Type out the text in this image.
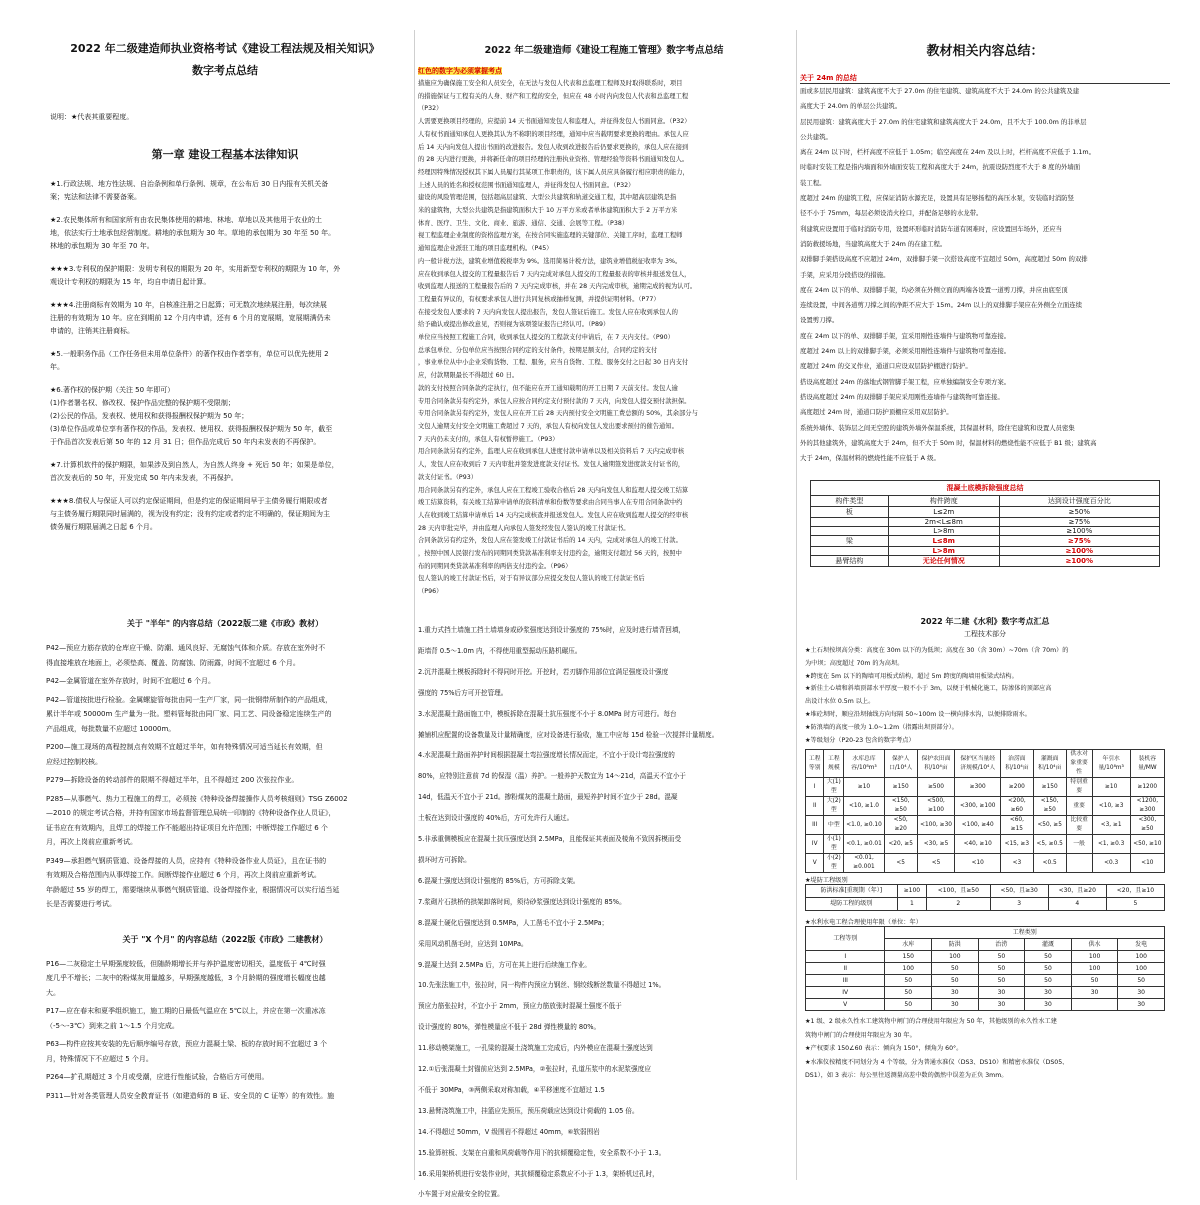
2022 年二级建造师执业资格考试《建设工程法规及相关知识》
数字考点总结
说明：★代表其重要程度。
第一章 建设工程基本法律知识
★1.行政法规、地方性法规、自治条例和单行条例、规章，在公布后 30 日内报有关机关备
案；宪法和法律不需要备案。
★2.农民集体所有和国家所有由农民集体使用的耕地、林地、草地以及其他用于农业的土
地，依法实行土地承包经营制度。耕地的承包期为 30 年。草地的承包期为 30 年至 50 年。
林地的承包期为 30 年至 70 年。
★★★3.专利权的保护期限：发明专利权的期限为 20 年，实用新型专利权的期限为 10 年，外
观设计专利权的期限为 15 年，均自申请日起计算。
★★★4.注册商标有效期为 10 年，自核准注册之日起算；可无数次地续展注册，每次续展
注册的有效期为 10 年。应在到期前 12 个月内申请，还有 6 个月的宽展期，宽展期满仍未
申请的，注销其注册商标。
★5.一般职务作品（工作任务但未用单位条件）的著作权由作者享有，单位可以优先使用 2
年。
★6.著作权的保护期（关注 50 年即可）
(1)作者署名权、修改权、保护作品完整的保护期不受限制；
(2)公民的作品，发表权、使用权和获得报酬权保护期为 50 年；
(3)单位作品或单位享有著作权的作品，发表权、使用权、获得报酬权保护期为 50 年，截至
于作品首次发表后第 50 年的 12 月 31 日；但作品完成后 50 年内未发表的不再保护。
★7.计算机软件的保护期限，如果涉及到自然人，为自然人终身 + 死后 50 年；如果是单位，
首次发表后的 50 年，开发完成 50 年内未发表，不再保护。
★★★8.债权人与保证人可以约定保证期间，但是约定的保证期间早于主债务履行期限或者
与主债务履行期限同时届满的，视为没有约定；没有约定或者约定不明确的，保证期间为主
债务履行期限届满之日起 6 个月。
关于 "半年" 的内容总结（2022版二建《市政》教材）
P42—预应力筋存放的仓库应干燥、防潮、通风良好、无腐蚀气体和介质。存放在室外时不
得直接堆放在地面上，必须垫高、覆盖、防腐蚀、防雨露，时间不宜超过 6 个月。
P42—金属管道在室外存放时，时间不宜超过 6 个月。
P42—管道按批进行检验。金属螺旋管每批由同一生产厂家，同一批钢带所制作的产品组成，
累计半年或 50000m 生产量为一批。塑料管每批由同厂家、同工艺、同设备稳定连续生产的
产品组成，每批数量不应超过 10000m。
P200—施工现场的高程控制点有效期不宜超过半年，如有特殊情况可适当延长有效期，但
应经过控制校核。
P279—拆除设备的转动部件的限期不得超过半年，且不得超过 200 次张拉作业。
P285—从事燃气、热力工程施工的焊工，必须按《特种设备焊接操作人员考核细则》TSG Z6002
—2010 的规定考试合格，并持有国家市场监督管理总局统一印制的《特种设备作业人员证》，
证书应在有效期内，且焊工的焊接工作不能超出持证项目允许范围；中断焊接工作超过 6 个
月，再次上岗前应重新考试。
P349—承担燃气钢质管道、设备焊接的人员，应持有《特种设备作业人员证》，且在证书的
有效期及合格范围内从事焊接工作。间断焊接作业超过 6 个月，再次上岗前应重新考试。
年龄超过 55 岁的焊工，需要继续从事燃气钢质管道、设备焊接作业，根据情况可以实行适当延
长是否需要进行考试。
关于 "X 个月" 的内容总结（2022版《市政》二建教材）
P16—二灰稳定土早期强度较低，但随龄期增长并与养护温度密切相关，温度低于 4℃时强
度几乎不增长；二灰中的粉煤灰用量越多，早期强度越低，3 个月龄期的强度增长幅度也越
大。
P17—应在春末和夏季组织施工，施工期的日最低气温应在 5℃以上，并应在第一次重冰冻
（-5～-3℃）到来之前 1～1.5 个月完成。
P63—构件应按其安装的先后顺序编号存放，预应力混凝土梁、板的存放时间不宜超过 3 个
月，特殊情况下不应超过 5 个月。
P264—扩孔期超过 3 个月或受潮，应进行性能试验，合格后方可使用。
P311—针对各类管理人员安全教育证书（如建造师的 B 证、安全员的 C 证等）的有效性。施
2022 年二级建造师《建设工程施工管理》数字考点总结
红色的数字为必须掌握考点
措施应为确保施工安全和人员安全，在无法与发包人代表和总监理工程师及时取得联系时，项目
的措施保证与工程有关的人身、财产和工程的安全，但应在 48 小时内向发包人代表和总监理工程
（P32）
人需要更换项目经理的，应提前 14 天书面通知发包人和监理人，并征得发包人书面同意。（P32）
人有权书面通知承包人更换其认为不称职的项目经理，通知中应当载明要求更换的理由。承包人应
后 14 天内向发包人提出书面的改进报告。发包人收到改进报告后仍要求更换的，承包人应在接到
的 28 天内进行更换，并将新任命的项目经理的注册执业资格、管理经验等资料书面通知发包人。
经理因特殊情况授权其下属人员履行其某项工作职责的，该下属人员应具备履行相应职责的能力，
上述人员的姓名和授权范围书面通知监理人，并征得发包人书面同意。（P32）
建设的风险管理范围，包括超高层建筑、大型公共建筑和轨道交通工程，其中超高层建筑是指
米的建筑物，大型公共建筑是指建筑面积大于 10 万平方米或者单体建筑面积大于 2 万平方米
体育、医疗、卫生、文化、商业、旅游、通信、交通、会展等工程。（P38）
视工程监理企业制度的资格监理方案，在按合同实施监理的关键部位、关键工序时，监理工程师
通知监理企业派驻工地的项目监理机构。（P45）
内一般计税方法，建筑业增值税税率为 9%。选用简易计税方法，建筑业增值税征收率为 3%。
应在收到承包人提交的工程量报告后 7 天内完成对承包人提交的工程量报表的审核并报送发包人，
收到监理人报送的工程量报告后的 7 天内完成审核，并在 28 天内完成审核，逾期完成的视为认可。
工程量有异议的，有权要求承包人进行共同复核或抽样复测，并提供证明材料。（P77）
在接受发包人要求的 7 天内向发包人提出报告，发包人签证后施工。发包人应在收到承包人的
给予确认或提出修改意见，否则视为该项签证报告已经认可。（P89）
单位应当按照工程施工合同，收到承包人提交的工程款支付申请后，在 7 天内支付。（P90）
总承包单位、分包单位应当按照合同约定的支付条件，按期足额支付，合同约定的支付
，事业单位从中小企业采购货物、工程、服务，应当自货物、工程、服务交付之日起 30 日内支付
应，付款期限最长不得超过 60 日。
款的支付按照合同条款约定执行，但不能应在开工通知载明的开工日期 7 天前支付。发包人逾
专用合同条款另有约定外，承包人应按合同约定支付预付款的 7 天内，向发包人提交预付款担保。
专用合同条款另有约定外，发包人应在开工后 28 天内预付安全文明施工费总额的 50%，其余部分与
文包人逾期支付安全文明施工费超过 7 天的，承包人有权向发包人发出要求预付的催告通知。
7 天内仍未支付的，承包人有权暂停施工。（P93）
用合同条款另有约定外，监理人应在收到承包人进度付款申请单以及相关资料后 7 天内完成审核
人，发包人应在收到后 7 天内审批并签发进度款支付证书。发包人逾期签发进度款支付证书的，
款支付证书。（P93）
用合同条款另有约定外，承包人应在工程竣工验收合格后 28 天内向发包人和监理人提交竣工结算
竣工结算资料，有关竣工结算申请单的资料清单和份数等要求由合同当事人在专用合同条款中约
人在收到竣工结算申请单后 14 天内完成核查并报送发包人。发包人应在收到监理人提交的经审核
28 天内审批完毕，并由监理人向承包人签发经发包人签认的竣工付款证书。
合同条款另有约定外，发包人应在签发竣工付款证书后的 14 天内，完成对承包人的竣工付款。
，按照中国人民银行发布的同期同类贷款基准利率支付违约金，逾期支付超过 56 天的，按照中
布的同期同类贷款基准利率的两倍支付违约金。（P96）
包人签认的竣工付款证书后，对于有异议部分应提交发包人签认的竣工付款证书后
（P96）
1.重力式挡土墙施工挡土墙墙身或砂浆强度达到设计强度的 75%时，应及时进行墙背回填，
距墙背 0.5～1.0m 内，不得使用重型振动压路机碾压。
2.沉井混凝土模板拆除时不得同时开挖。开挖时，若刃脚作用部位宜满足强度设计强度
强度的 75%后方可开挖管理。
3.水泥混凝土路面施工中，模板拆除在混凝土抗压强度不小于 8.0MPa 时方可进行。每台
摊铺机应配置的设备数量及计量精确度，应对设备进行验收，施工中应每 15d 检验一次搅拌计量精度。
4.水泥混凝土路面养护时间根据混凝土弯拉强度增长情况而定，不宜小于设计弯拉强度的
80%，应特别注意前 7d 的保湿（温）养护。一般养护天数宜为 14～21d，高温天不宜小于
14d，低温天不宜小于 21d。掺粉煤灰的混凝土路面，最短养护时间不宜少于 28d。混凝
土板在达到设计强度的 40%后，方可允许行人通过。
5.非承重侧模板应在混凝土抗压强度达到 2.5MPa，且能保证其表面及棱角不致因拆模而受
损坏时方可拆除。
6.混凝土强度达到设计强度的 85%后，方可拆除支架。
7.浆砌片石拱桥的拱架卸落时间，须待砂浆强度达到设计强度的 85%。
8.混凝土硬化后强度达到 0.5MPa，人工凿毛不宜小于 2.5MPa；
采用风动机凿毛时，应达到 10MPa。
9.混凝土达到 2.5MPa 后，方可在其上进行后续施工作业。
10.先张法施工中，张拉时，同一构件内预应力钢丝、钢绞线断丝数量不得超过 1%。
预应力筋张拉时，不宜小于 2mm，预应力筋放张时混凝土强度不低于
设计强度的 80%，弹性模量应不低于 28d 弹性模量的 80%。
11.移动模架施工，一孔梁的混凝土浇筑施工完成后，内外模应在混凝土强度达到
12.①后张混凝土封锚前应达到 2.5MPa，②张拉时，孔道压浆中的水泥浆强度应
不低于 30MPa，③两侧采取对称加载，④平移速度不宜超过 1.5
13.悬臂浇筑施工中，挂篮应先预压，预压荷载应达到设计荷载的 1.05 倍。
14.不得超过 50mm，V 级围岩不得超过 40mm，⑥软弱围岩
15.验算桩板、支架在自重和风荷载等作用下的抗倾覆稳定性，安全系数不小于 1.3。
16.采用架桥机进行安装作业时，其抗倾覆稳定系数应不小于 1.3，架桥机过孔时，
小车置于对应最安全的位置。
教材相关内容总结：
关于 24m 的总结
面或多层民用建筑：建筑高度不大于 27.0m 的住宅建筑、建筑高度不大于 24.0m 的公共建筑及建
高度大于 24.0m 的单层公共建筑。
层民用建筑：建筑高度大于 27.0m 的住宅建筑和建筑高度大于 24.0m，且不大于 100.0m 的非单层
公共建筑。
离在 24m 以下时，栏杆高度不应低于 1.05m；临空高度在 24m 及以上时，栏杆高度不应低于 1.1m。
时临时安装工程是指内墙面和外墙面安装工程和高度大于 24m，抗震设防烈度不大于 8 度的外墙面
装工程。
度超过 24m 的建筑工程，应保证消防水源充足，设置具有足够扬程的高压水泵，安装临时消防竖
径不小于 75mm，每层必须设消火栓口，并配备足够的水龙带。
利建筑应设置用于临时消防专用，设置环形临时消防车道有困难时，应设置回车场外，还应当
消防救援场地，当建筑高度大于 24m 的在建工程。
双排脚手架搭设高度不应超过 24m，双排脚手架一次搭设高度不宜超过 50m，高度超过 50m 的双排
手架，应采用分段搭设的措施。
度在 24m 以下的单、双排脚手架，均必须在外侧立面的两端各设置一道剪刀撑，并应由底至顶
连续设置，中间各道剪刀撑之间的净距不应大于 15m。24m 以上的双排脚手架应在外侧全立面连续
设置剪刀撑。
度在 24m 以下的单、双排脚手架，宜采用刚性连墙件与建筑物可靠连接。
度超过 24m 以上的双排脚手架，必须采用刚性连墙件与建筑物可靠连接。
度超过 24m 的交叉作业，通道口应设双层防护棚进行防护。
搭设高度超过 24m 的落地式钢管脚手架工程，应单独编制安全专项方案。
搭设高度超过 24m 的双排脚手架应采用刚性连墙件与建筑物可靠连接。
高度超过 24m 时，通道口防护顶棚应采用双层防护。
系统外墙体、装饰层之间无空腔的建筑外墙外保温系统，其保温材料，除住宅建筑和设置人员密集
外的其他建筑外，建筑高度大于 24m，但不大于 50m 时，保温材料的燃烧性能不应低于 B1 级；建筑高
大于 24m，保温材料的燃烧性能不应低于 A 级。
混凝土底模拆除强度总结
构件类型	构件跨度	达到设计强度百分比
板	L≤2m	≥50%
	2m<L≤8m	≥75%
	L>8m	≥100%
梁	L≤8m	≥75%
	L>8m	≥100%
悬臂结构	无论任何情况	≥100%
2022 年二建《水利》数字考点汇总
工程技术部分
★土石坝按坝高分类：高度在 30m 以下的为低坝；高度在 30（含 30m）~70m（含 70m）的
为中坝；高度超过 70m 的为高坝。
★跨度在 5m 以下的陶墙可用板式结构，超过 5m 跨度的陶墙用板梁式结构。
★新佳土心墙和斜墙顶部水平厚度一般不小于 3m，以便于机械化施工，防渗体的顶部应高
出设计水位 0.5m 以上。
★堆砼坝时，顺应沿坝轴线方向每隔 50~100m 设一横向排水沟，以便排除雨水。
★防浪墙的高度一般为 1.0~1.2m（指露出坝顶部分）。
★等级划分（P20-23 包含的数字考点）
工程等别	工程规模	水库总库容/10⁸m³	保护人口/10⁴人	保护农田面积/10⁴亩	保护区当量经济规模/10⁴人	治涝面积/10⁴亩	灌溉面积/10⁴亩	供水对象重要性	年引水量/10⁸m³	装机容量/MW
I	大(1)型	≥10	≥150	≥500	≥300	≥200	≥150	特别重要	≥10	≥1200
II	大(2)型	<10, ≥1.0	<150, ≥50	<500, ≥100	<300, ≥100	<200, ≥60	<150, ≥50	重要	<10, ≥3	<1200, ≥300
III	中型	<1.0, ≥0.10	<50, ≥20	<100, ≥30	<100, ≥40	<60, ≥15	<50, ≥5	比较重要	<3, ≥1	<300, ≥50
IV	小(1)型	<0.1, ≥0.01	<20, ≥5	<30, ≥5	<40, ≥10	<15, ≥3	<5, ≥0.5	一般	<1, ≥0.3	<50, ≥10
V	小(2)型	<0.01, ≥0.001	<5	<5	<10	<3	<0.5		<0.3	<10
★堤防工程级别
防洪标准[重现期（年）]	≥100	<100，且≥50	<50，且≥30	<30，且≥20	<20，且≥10
堤防工程的级别	1	2	3	4	5
★水利水电工程合理使用年限（单位：年）
工程等别	工程类别					
	水库	防洪	治涝	灌溉	供水	发电
I	150	100	50	50	100	100
II	100	50	50	50	100	100
III	50	50	50	50	50	50
IV	50	30	30	30	30	30
V	50	30	30	30		30
★1 级、2 级永久性水工建筑物中闸门的合理使用年限应为 50 年，其他级别的永久性水工建
筑物中闸门的合理使用年限应为 30 年。
★产权要求 150∠60 表示：倾向为 150°，倾角为 60°。
★水准仪按精度不同划分为 4 个等级，分为普通水准仪（DS3、DS10）和精密水准仪（DS05、
DS1），如 3 表示：每公里往返测量高差中数的偶然中误差为正负 3mm。
